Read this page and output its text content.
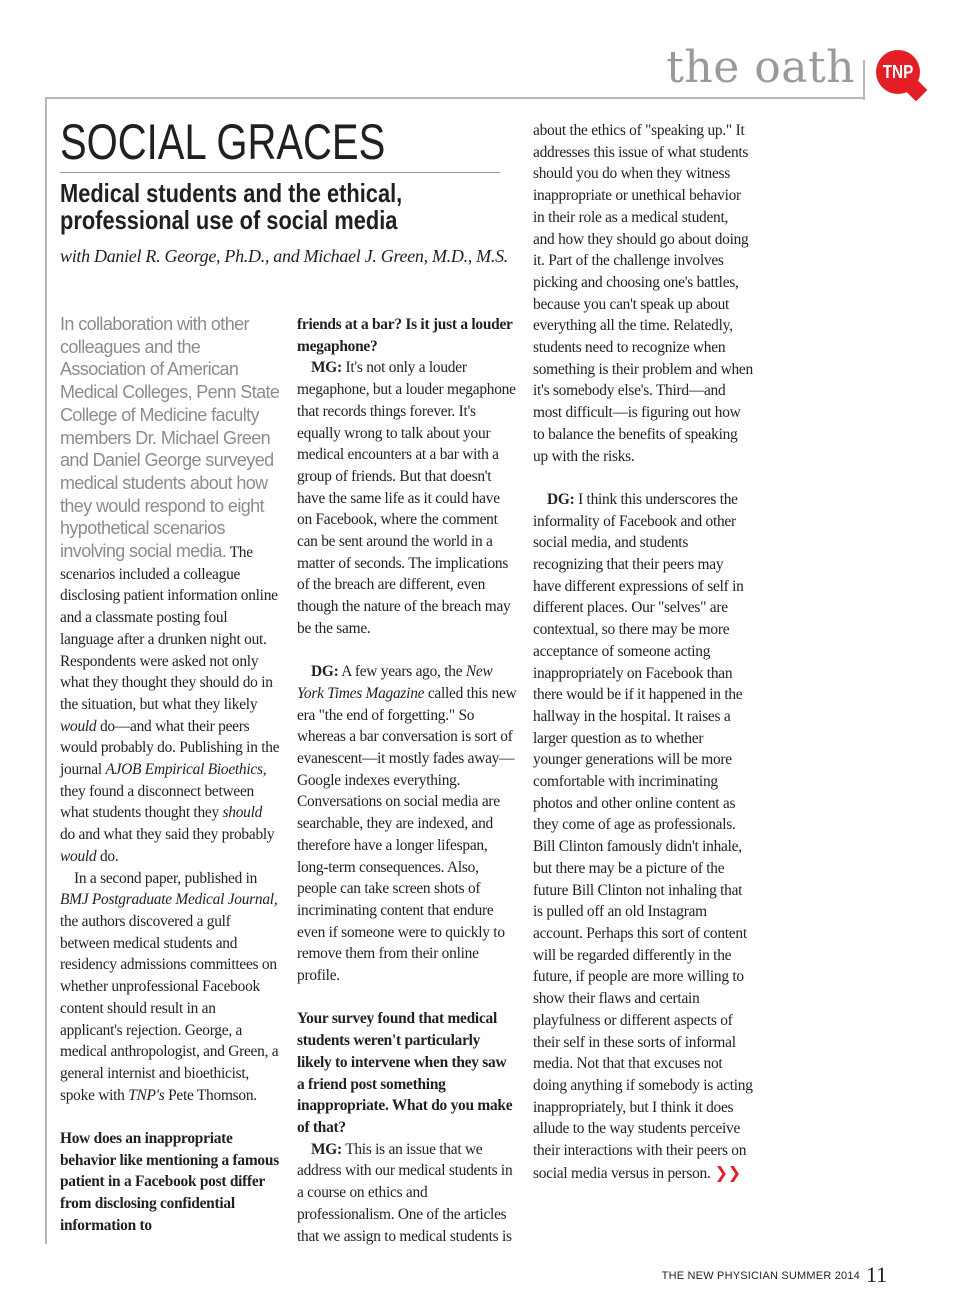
the oath TNP
SOCIAL GRACES
Medical students and the ethical,
professional use of social media
with Daniel R. George, Ph.D., and Michael J. Green, M.D., M.S.

In collaboration with other colleagues and the Association of American Medical Colleges, Penn State College of Medicine faculty members Dr. Michael Green and Daniel George surveyed medical students about how they would respond to eight hypothetical scenarios involving social media. The scenarios included a colleague disclosing patient information online and a classmate posting foul language after a drunken night out. Respondents were asked not only what they thought they should do in the situation, but what they likely would do—and what their peers would probably do. Publishing in the journal AJOB Empirical Bioethics, they found a disconnect between what students thought they should do and what they said they probably would do.

In a second paper, published in BMJ Postgraduate Medical Journal, the authors discovered a gulf between medical students and residency admissions committees on whether unprofessional Facebook content should result in an applicant's rejection. George, a medical anthropologist, and Green, a general internist and bioethicist, spoke with TNP's Pete Thomson.

How does an inappropriate behavior like mentioning a famous patient in a Facebook post differ from disclosing confidential information to

friends at a bar? Is it just a louder megaphone?

MG: It's not only a louder megaphone, but a louder megaphone that records things forever. It's equally wrong to talk about your medical encounters at a bar with a group of friends. But that doesn't have the same life as it could have on Facebook, where the comment can be sent around the world in a matter of seconds. The implications of the breach are different, even though the nature of the breach may be the same.

DG: A few years ago, the New York Times Magazine called this new era "the end of forgetting." So whereas a bar conversation is sort of evanescent—it mostly fades away—Google indexes everything. Conversations on social media are searchable, they are indexed, and therefore have a longer lifespan, long-term consequences. Also, people can take screen shots of incriminating content that endure even if someone were to quickly to remove them from their online profile.

Your survey found that medical students weren't particularly likely to intervene when they saw a friend post something inappropriate. What do you make of that?

MG: This is an issue that we address with our medical students in a course on ethics and professionalism. One of the articles that we assign to medical students is

about the ethics of "speaking up." It addresses this issue of what students should you do when they witness inappropriate or unethical behavior in their role as a medical student, and how they should go about doing it. Part of the challenge involves picking and choosing one's battles, because you can't speak up about everything all the time. Relatedly, students need to recognize when something is their problem and when it's somebody else's. Third—and most difficult—is figuring out how to balance the benefits of speaking up with the risks.

DG: I think this underscores the informality of Facebook and other social media, and students recognizing that their peers may have different expressions of self in different places. Our "selves" are contextual, so there may be more acceptance of someone acting inappropriately on Facebook than there would be if it happened in the hallway in the hospital. It raises a larger question as to whether younger generations will be more comfortable with incriminating photos and other online content as they come of age as professionals. Bill Clinton famously didn't inhale, but there may be a picture of the future Bill Clinton not inhaling that is pulled off an old Instagram account. Perhaps this sort of content will be regarded differently in the future, if people are more willing to show their flaws and certain playfulness or different aspects of their self in these sorts of informal media. Not that that excuses not doing anything if somebody is acting inappropriately, but I think it does allude to the way students perceive their interactions with their peers on social media versus in person. ❯❯

THE NEW PHYSICIAN SUMMER 2014 11
